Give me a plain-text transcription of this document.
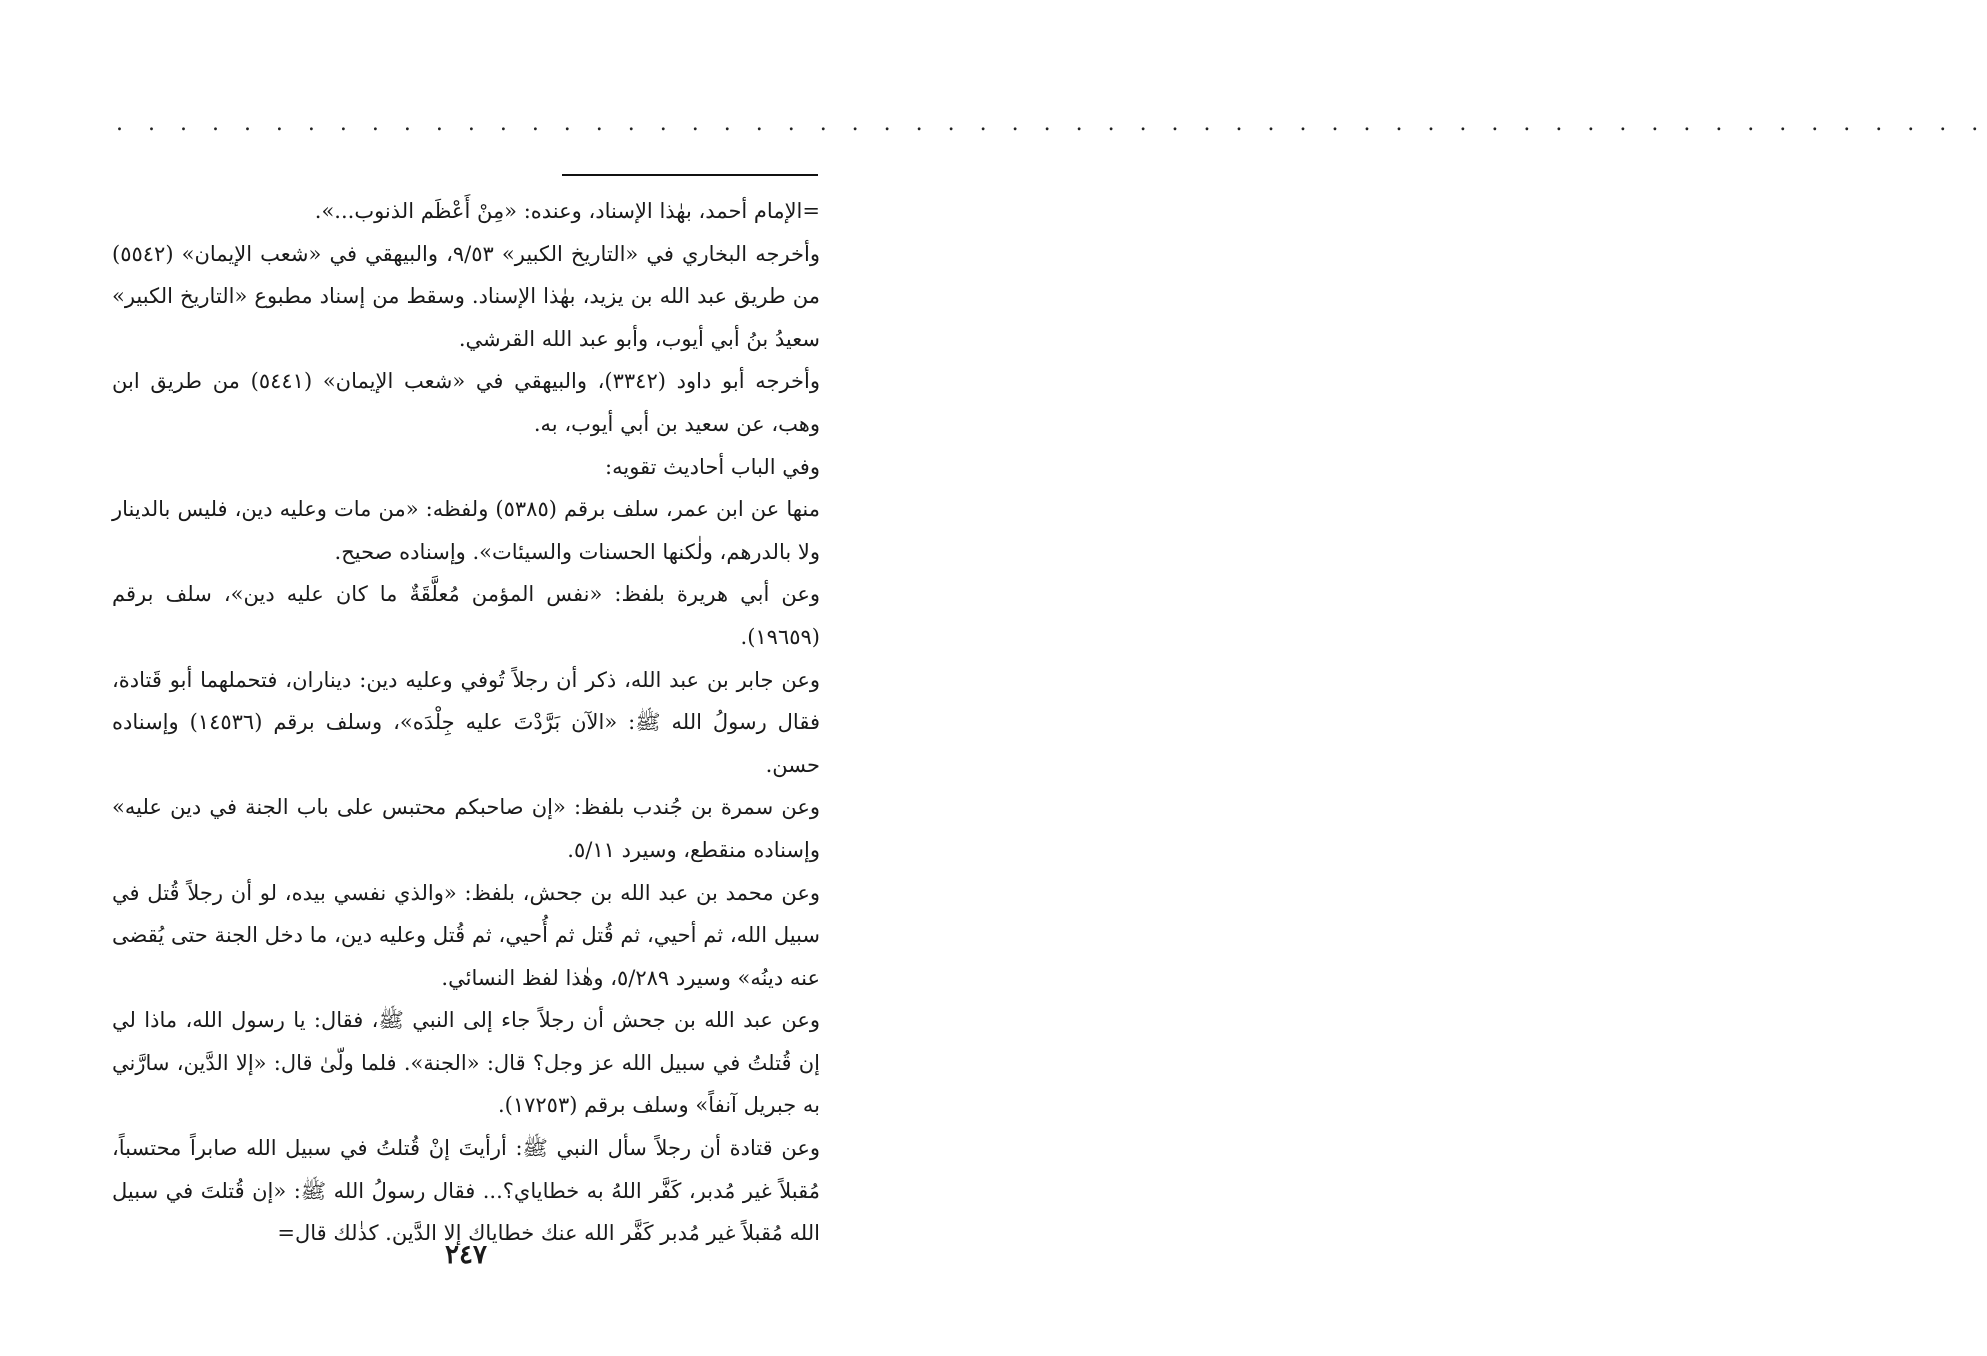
. . . . . . . . . . . . . . . . . . . . . . . . . . . . . . . . . . . . . . . . . . . . . . . . . . . . . . . . . . .

=الإمام أحمد، بهٰذا الإسناد، وعنده: «مِنْ أَعْظَم الذنوب...».

وأخرجه البخاري في «التاريخ الكبير» ٩/٥٣، والبيهقي في «شعب الإيمان» (٥٥٤٢) من طريق عبد الله بن يزيد، بهٰذا الإسناد. وسقط من إسناد مطبوع «التاريخ الكبير» سعيدُ بنُ أبي أيوب، وأبو عبد الله القرشي.

وأخرجه أبو داود (٣٣٤٢)، والبيهقي في «شعب الإيمان» (٥٤٤١) من طريق ابن وهب، عن سعيد بن أبي أيوب، به.

وفي الباب أحاديث تقويه:

منها عن ابن عمر، سلف برقم (٥٣٨٥) ولفظه: «من مات وعليه دين، فليس بالدينار ولا بالدرهم، ولٰكنها الحسنات والسيئات». وإسناده صحيح.

وعن أبي هريرة بلفظ: «نفس المؤمن مُعلَّقَةٌ ما كان عليه دين»، سلف برقم (١٩٦٥٩).

وعن جابر بن عبد الله، ذكر أن رجلاً تُوفي وعليه دين: ديناران، فتحملهما أبو قَتادة، فقال رسولُ الله ﷺ: «الآن بَرَّدْتَ عليه جِلْدَه»، وسلف برقم (١٤٥٣٦) وإسناده حسن.

وعن سمرة بن جُندب بلفظ: «إن صاحبكم محتبس على باب الجنة في دين عليه» وإسناده منقطع، وسيرد ٥/١١.

وعن محمد بن عبد الله بن جحش، بلفظ: «والذي نفسي بيده، لو أن رجلاً قُتل في سبيل الله، ثم أحيي، ثم قُتل ثم أُحيي، ثم قُتل وعليه دين، ما دخل الجنة حتى يُقضى عنه دينُه» وسيرد ٥/٢٨٩، وهٰذا لفظ النسائي.

وعن عبد الله بن جحش أن رجلاً جاء إلى النبي ﷺ، فقال: يا رسول الله، ماذا لي إن قُتلتُ في سبيل الله عز وجل؟ قال: «الجنة». فلما ولّىٰ قال: «إلا الدَّين، سارَّني به جبريل آنفاً» وسلف برقم (١٧٢٥٣).

وعن قتادة أن رجلاً سأل النبي ﷺ: أرأيتَ إنْ قُتلتُ في سبيل الله صابراً محتسباً، مُقبلاً غير مُدبر، كَفَّر اللهُ به خطاياي؟... فقال رسولُ الله ﷺ: «إن قُتلتَ في سبيل الله مُقبلاً غير مُدبر كَفَّر الله عنك خطاياك إلا الدَّين. كذٰلك قال=

٢٤٧
